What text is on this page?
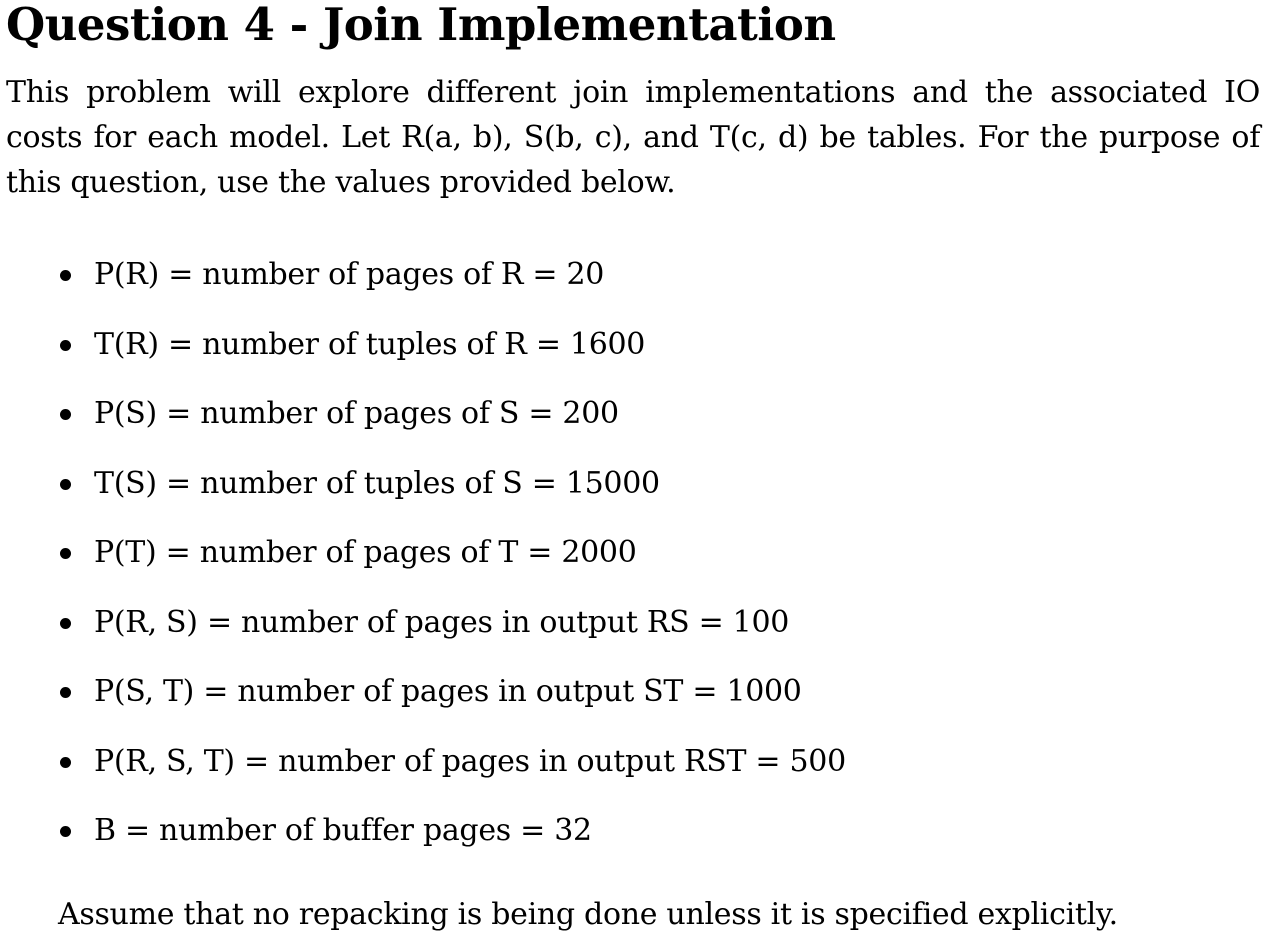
Question 4 - Join Implementation

This problem will explore different join implementations and the associated IO costs for each model. Let R(a, b), S(b, c), and T(c, d) be tables. For the purpose of this question, use the values provided below.

P(R) = number of pages of R = 20
T(R) = number of tuples of R = 1600
P(S) = number of pages of S = 200
T(S) = number of tuples of S = 15000
P(T) = number of pages of T = 2000
P(R, S) = number of pages in output RS = 100
P(S, T) = number of pages in output ST = 1000
P(R, S, T) = number of pages in output RST = 500
B = number of buffer pages = 32

Assume that no repacking is being done unless it is specified explicitly.
